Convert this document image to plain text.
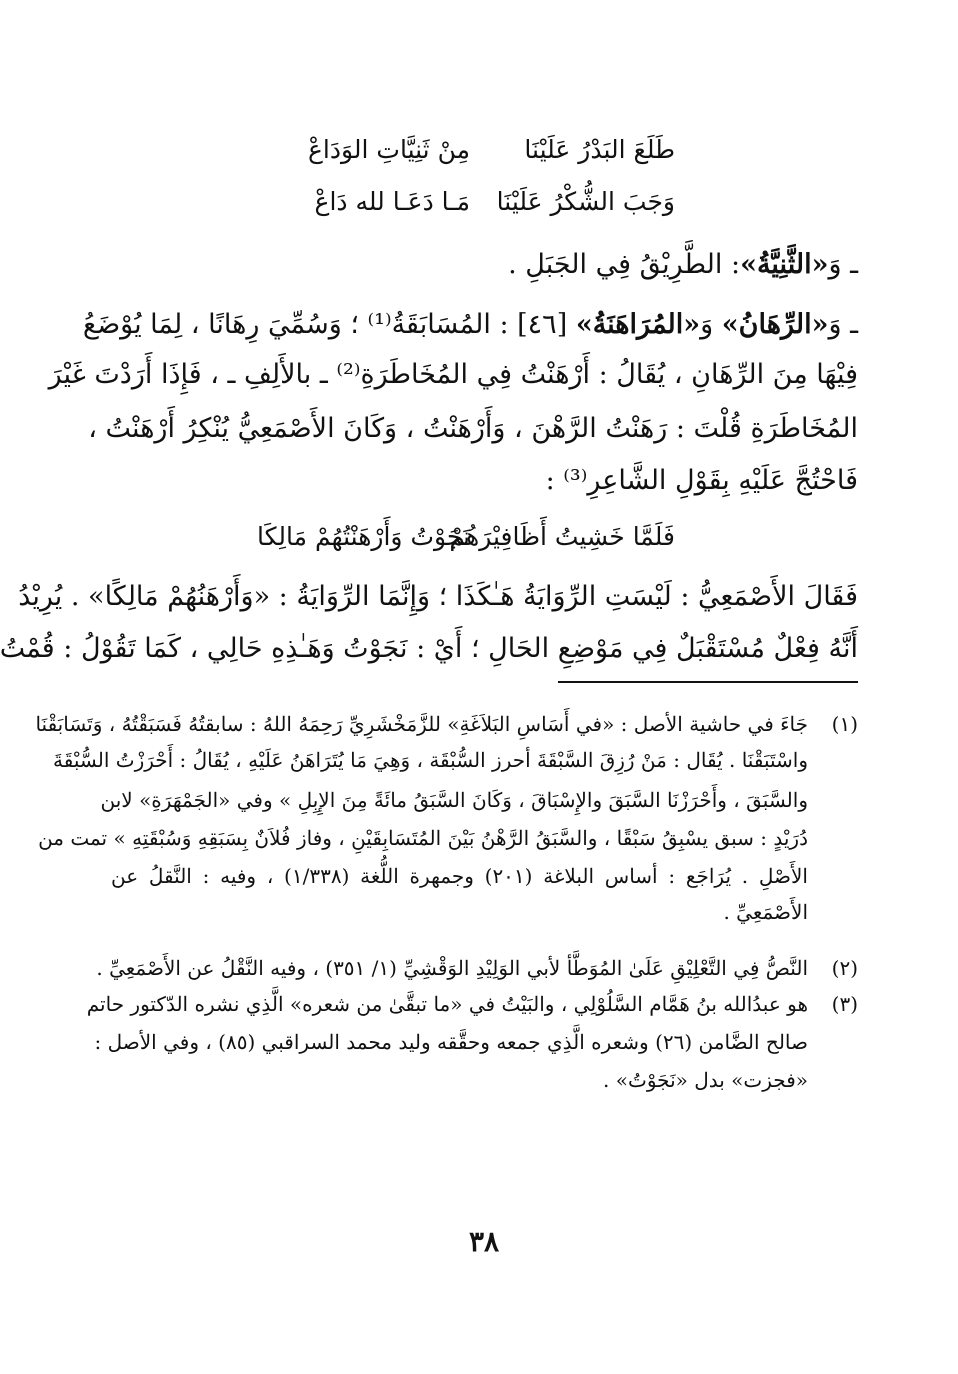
طَلَعَ البَدْرُ عَلَيْنَا
مِنْ ثَنِيَّاتِ الوَدَاعْ
وَجَبَ الشُّكْرُ عَلَيْنَا
مَـا دَعَـا لله دَاعْ
ـ وَ«الثَّنِيَّةُ»: الطَّرِيْقُ فِي الجَبَلِ .
ـ وَ«الرِّهَانُ» وَ«المُرَاهَنَةُ» [٤٦] : المُسَابَقَةُ⁽¹⁾ ؛ وَسُمِّيَ رِهَانًا ، لِمَا يُوْضَعُ
فِيْهَا مِنَ الرِّهَانِ ، يُقَالُ : أَرْهَنْتُ فِي المُخَاطَرَةِ⁽²⁾ ـ بالأَلِفِ ـ ، فَإِذَا أَرَدْتَ غَيْرَ
المُخَاطَرَةِ قُلْتَ : رَهَنْتُ الرَّهْنَ ، وَأَرْهَنْتُ ، وَكَانَ الأَصْمَعِيُّ يُنْكِرُ أَرْهَنْتُ ،
فَاحْتُجَّ عَلَيْهِ بِقَوْلِ الشَّاعِرِ⁽³⁾ :
فَلَمَّا خَشِيتُ أَظَافِيْرَهُمْ
نَجَوْتُ وَأَرْهَنْتُهُمْ مَالِكَا
فَقَالَ الأَصْمَعِيُّ : لَيْسَتِ الرِّوَايَةُ هَـٰكَذَا ؛ وَإِنَّمَا الرِّوَايَةُ : «وَأَرْهَنُهُمْ مَالِكًا» . يُرِيْدُ
أَنَّهُ فِعْلٌ مُسْتَقْبَلٌ فِي مَوْضِعِ الحَالِ ؛ أَيْ : نَجَوْتُ وَهَـٰذِهِ حَالِي ، كَمَا تَقُوْلُ : قُمْتُ
(١)
جَاءَ في حاشية الأصل : «في أَسَاسِ البَلاَغَةِ» للزَّمَخْشَرِيِّ رَحِمَهُ اللهُ : سابقتُهُ فَسَبَقْتُهُ ، وَتَسَابَقْنَا
واسْتَبَقْنَا . يُقَال : مَنْ رُزِقَ السَّبْقَةَ أحرز السُّبْقَة ، وَهِيَ مَا يُتَرَاهَنُ عَلَيْهِ ، يُقَالُ : أَحْرَزْتُ السُّبْقَةَ
والسَّبَقَ ، وأَحْرَزْنَا السَّبَقَ والإِسْبَاقَ ، وَكَانَ السَّبَقُ مائَةً مِنَ الإِبِلِ » وفي «الجَمْهَرَةِ» لابن
دُرَيْدٍ : سبق يسْبِقُ سَبْقًا ، والسَّبَقُ الرَّهْنُ بَيْنَ المُتَسَابِقَيْنِ ، وفاز فُلاَنٌ بِسَبَقِهِ وَسُبْقَتِهِ » تمت من
الأَصْلِ . يُرَاجَع : أساس البلاغة (٢٠١) وجمهرة اللُّغة (١/٣٣٨) ، وفيه : النَّقلُ عن
الأَصْمَعِيِّ .
(٢)
النَّصُّ فِي التَّعْلِيْقِ عَلَىٰ المُوَطَّأ لأبي الوَلِيْدِ الوَقْشِيِّ (١/ ٣٥١) ، وفيه النَّقْلُ عن الأَصْمَعِيِّ .
(٣)
هو عبدُالله بنُ هَمَّام السَّلُوْلِي ، والبَيْتُ في «ما تبقَّىٰ من شعره» الَّذِي نشره الدّكتور حاتم
صالح الضَّامن (٢٦) وشعره الَّذِي جمعه وحقَّقه وليد محمد السراقبي (٨٥) ، وفي الأصل :
«فجزت» بدل «نَجَوْتُ» .
٣٨
